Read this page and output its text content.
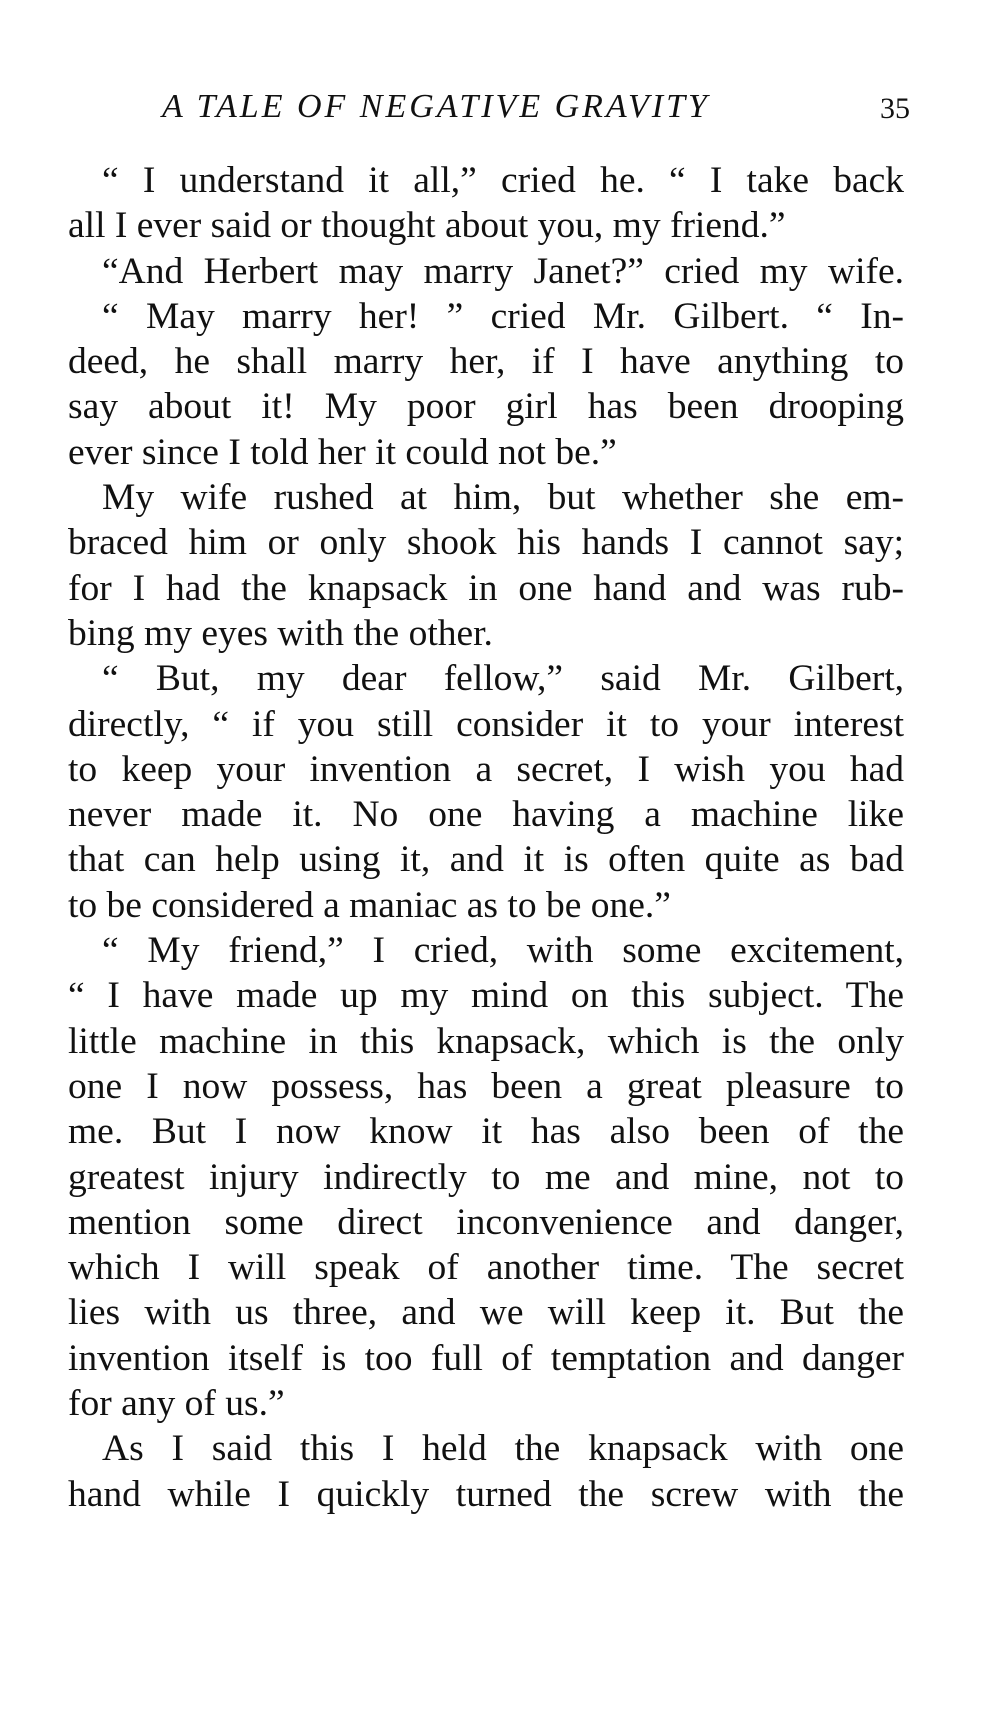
A TALE OF NEGATIVE GRAVITY	35
“ I understand it all,” cried he. “ I take back
all I ever said or thought about you, my friend.”
“And Herbert may marry Janet?” cried my wife.
“ May marry her! ” cried Mr. Gilbert. “ In-
deed, he shall marry her, if I have anything to
say about it! My poor girl has been drooping
ever since I told her it could not be.”
My wife rushed at him, but whether she em-
braced him or only shook his hands I cannot say;
for I had the knapsack in one hand and was rub-
bing my eyes with the other.
“ But, my dear fellow,” said Mr. Gilbert,
directly, “ if you still consider it to your interest
to keep your invention a secret, I wish you had
never made it. No one having a machine like
that can help using it, and it is often quite as bad
to be considered a maniac as to be one.”
“ My friend,” I cried, with some excitement,
“ I have made up my mind on this subject. The
little machine in this knapsack, which is the only
one I now possess, has been a great pleasure to
me. But I now know it has also been of the
greatest injury indirectly to me and mine, not to
mention some direct inconvenience and danger,
which I will speak of another time. The secret
lies with us three, and we will keep it. But the
invention itself is too full of temptation and danger
for any of us.”
As I said this I held the knapsack with one
hand while I quickly turned the screw with the
